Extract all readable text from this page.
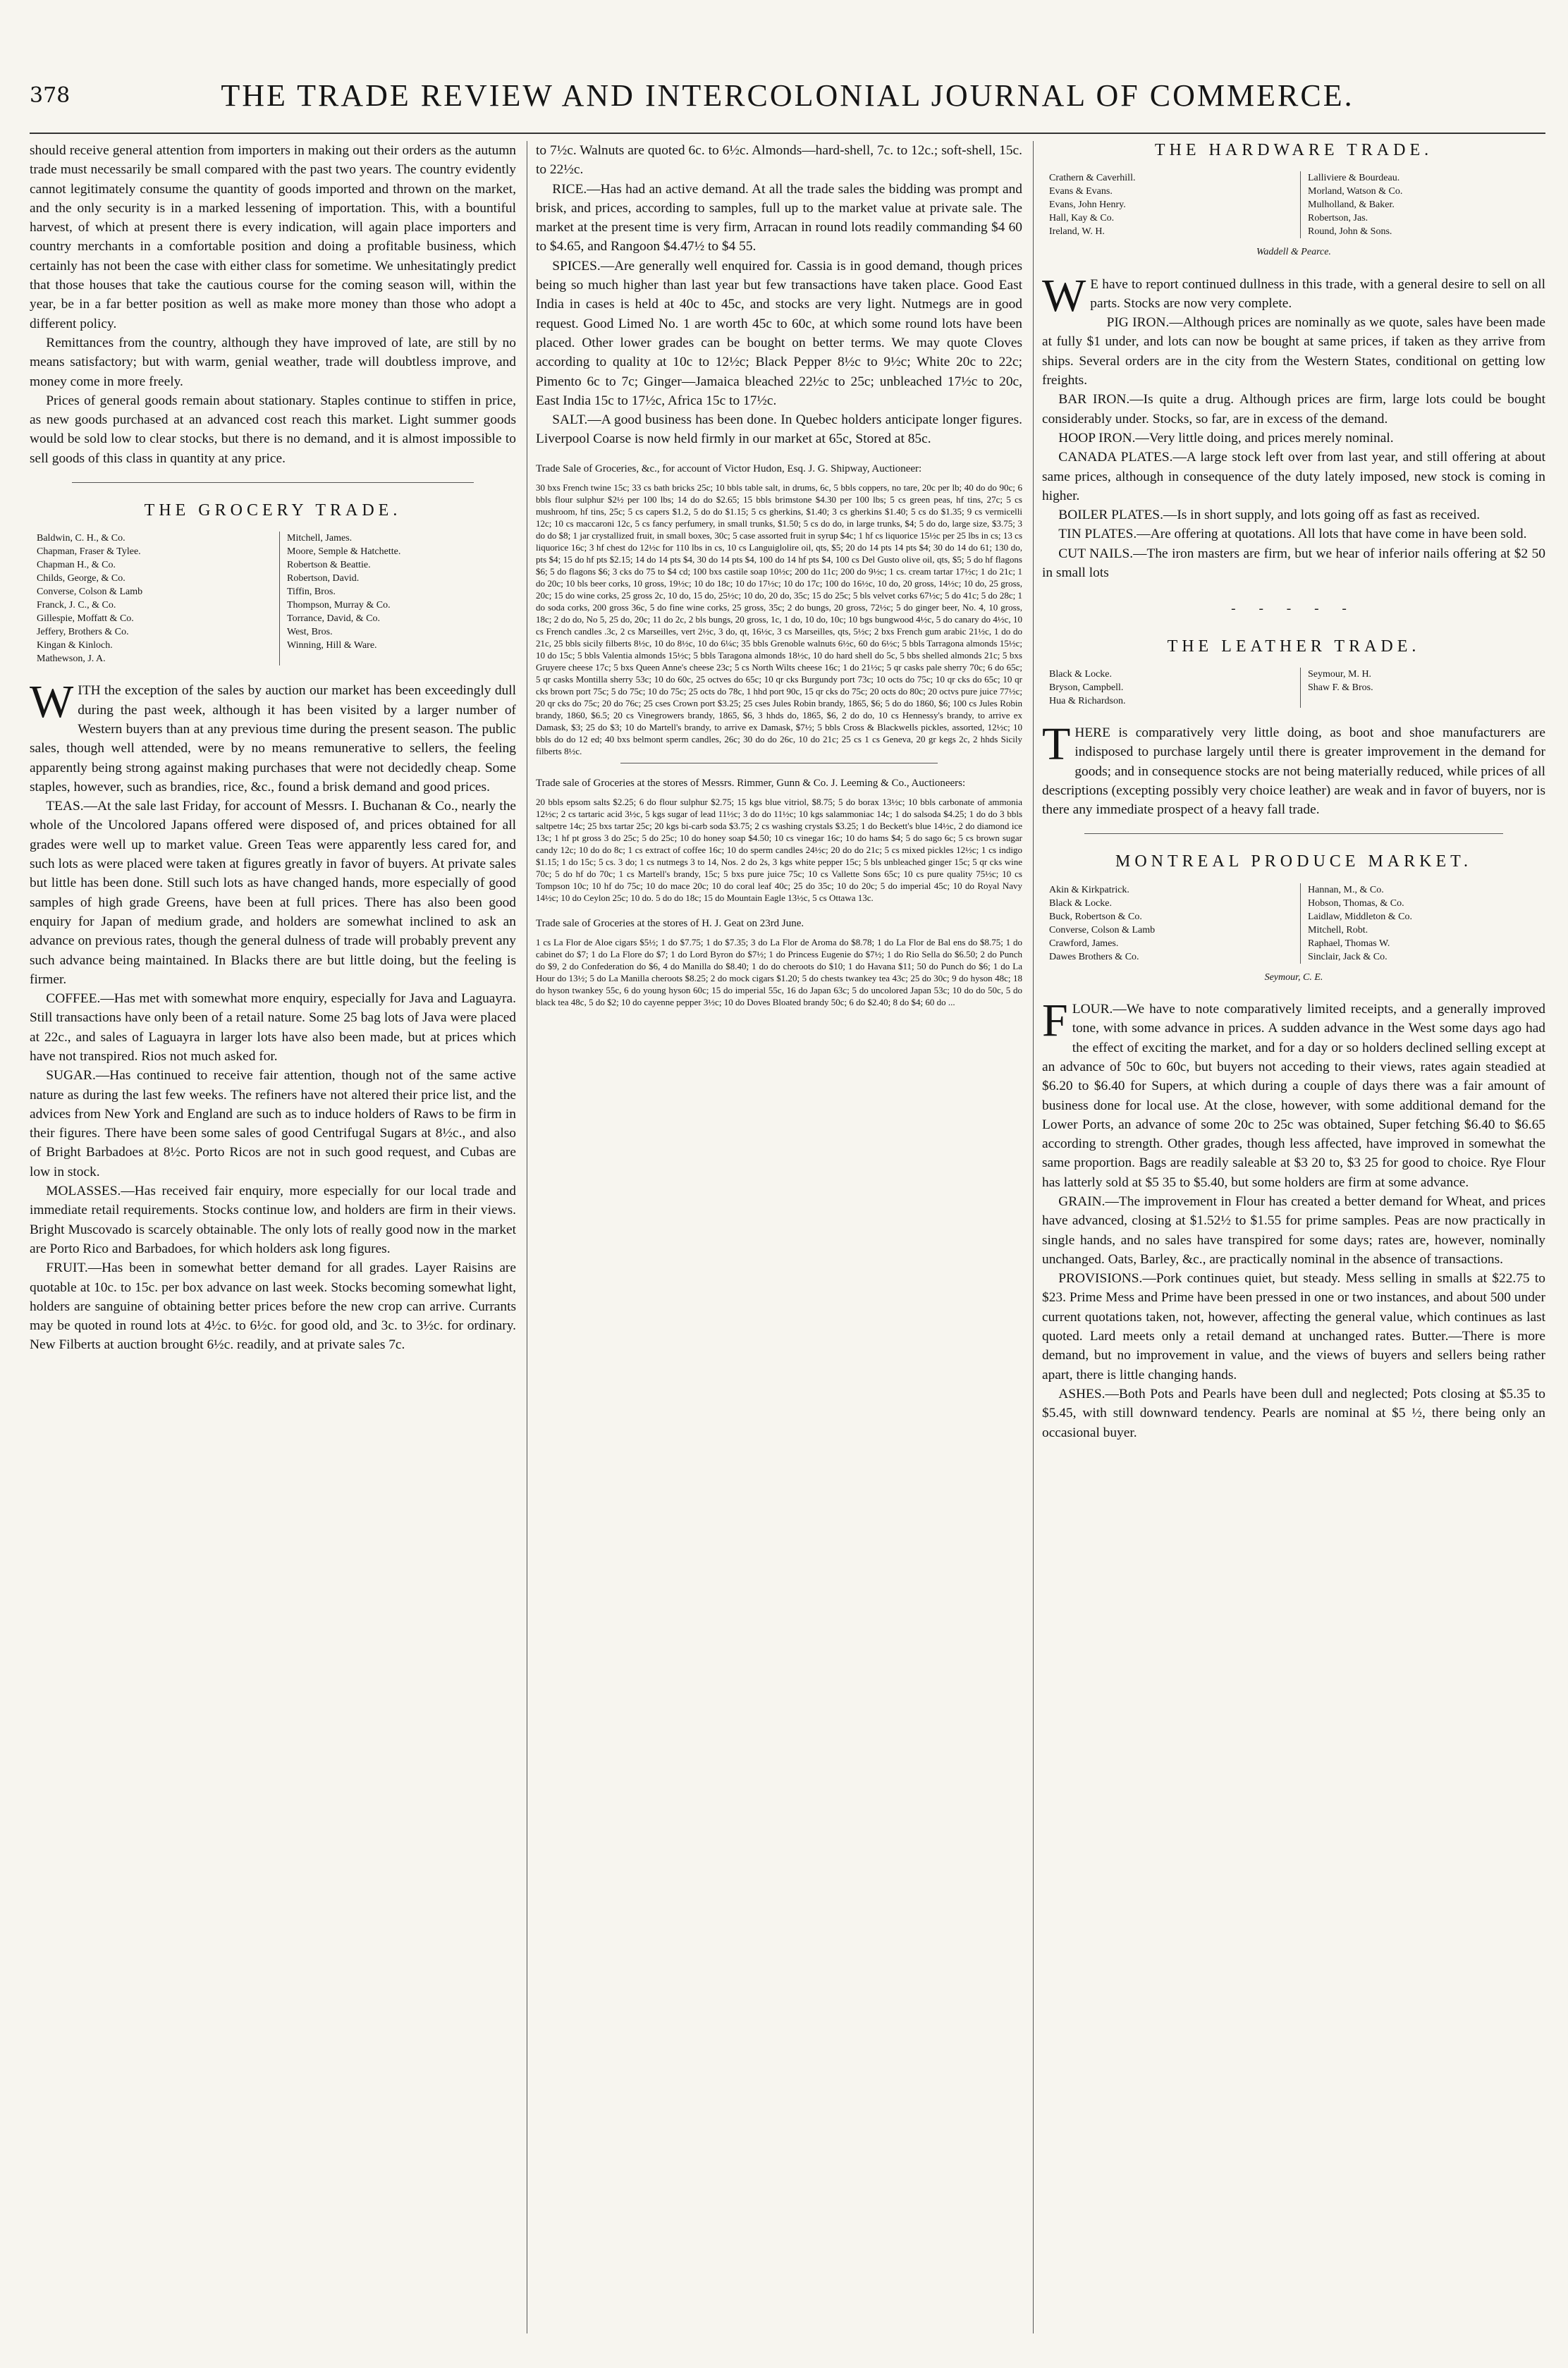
378	THE TRADE REVIEW AND INTERCOLONIAL JOURNAL OF COMMERCE.

should receive general attention from importers in making out their orders as the autumn trade must necessarily be small compared with the past two years. The country evidently cannot legitimately consume the quantity of goods imported and thrown on the market, and the only security is in a marked lessening of importation. This, with a bountiful harvest, of which at present there is every indication, will again place importers and country merchants in a comfortable position and doing a profitable business, which certainly has not been the case with either class for sometime. We unhesitatingly predict that those houses that take the cautious course for the coming season will, within the year, be in a far better position as well as make more money than those who adopt a different policy.

Remittances from the country, although they have improved of late, are still by no means satisfactory; but with warm, genial weather, trade will doubtless improve, and money come in more freely.

Prices of general goods remain about stationary. Staples continue to stiffen in price, as new goods purchased at an advanced cost reach this market. Light summer goods would be sold low to clear stocks, but there is no demand, and it is almost impossible to sell goods of this class in quantity at any price.

THE GROCERY TRADE.
Baldwin, C. H., & Co.
Chapman, Fraser & Tylee.
Chapman H., & Co.
Childs, George, & Co.
Converse, Colson & Lamb
Franck, J. C., & Co.
Gillespie, Moffatt & Co.
Jeffery, Brothers & Co.
Kingan & Kinloch.
Mathewson, J. A.
Mitchell, James.
Moore, Semple & Hatchette.
Robertson & Beattie.
Robertson, David.
Tiffin, Bros.
Thompson, Murray & Co.
Torrance, David, & Co.
West, Bros.
Winning, Hill & Ware.

WITH the exception of the sales by auction our market has been exceedingly dull during the past week, although it has been visited by a larger number of Western buyers than at any previous time during the present season. The public sales, though well attended, were by no means remunerative to sellers, the feeling apparently being strong against making purchases that were not decidedly cheap. Some staples, however, such as brandies, rice, &c., found a brisk demand and good prices.

TEAS.—At the sale last Friday, for account of Messrs. I. Buchanan & Co., nearly the whole of the Uncolored Japans offered were disposed of, and prices obtained for all grades were well up to market value. Green Teas were apparently less cared for, and such lots as were placed were taken at figures greatly in favor of buyers. At private sales but little has been done. Still such lots as have changed hands, more especially of good samples of high grade Greens, have been at full prices. There has also been good enquiry for Japan of medium grade, and holders are somewhat inclined to ask an advance on previous rates, though the general dulness of trade will probably prevent any such advance being maintained. In Blacks there are but little doing, but the feeling is firmer.

COFFEE.—Has met with somewhat more enquiry, especially for Java and Laguayra. Still transactions have only been of a retail nature. Some 25 bag lots of Java were placed at 22c., and sales of Laguayra in larger lots have also been made, but at prices which have not transpired. Rios not much asked for.

SUGAR.—Has continued to receive fair attention, though not of the same active nature as during the last few weeks. The refiners have not altered their price list, and the advices from New York and England are such as to induce holders of Raws to be firm in their figures. There have been some sales of good Centrifugal Sugars at 8½c., and also of Bright Barbadoes at 8½c. Porto Ricos are not in such good request, and Cubas are low in stock.

MOLASSES.—Has received fair enquiry, more especially for our local trade and immediate retail requirements. Stocks continue low, and holders are firm in their views. Bright Muscovado is scarcely obtainable. The only lots of really good now in the market are Porto Rico and Barbadoes, for which holders ask long figures.

FRUIT.—Has been in somewhat better demand for all grades. Layer Raisins are quotable at 10c. to 15c. per box advance on last week. Stocks becoming somewhat light, holders are sanguine of obtaining better prices before the new crop can arrive. Currants may be quoted in round lots at 4½c. to 6½c. for good old, and 3c. to 3½c. for ordinary. New Filberts at auction brought 6½c. readily, and at private sales 7c.

to 7½c. Walnuts are quoted 6c. to 6½c. Almonds—hard-shell, 7c. to 12c.; soft-shell, 15c. to 22½c.

RICE.—Has had an active demand. At all the trade sales the bidding was prompt and brisk, and prices, according to samples, full up to the market value at private sale. The market at the present time is very firm, Arracan in round lots readily commanding $4 60 to $4.65, and Rangoon $4.47½ to $4 55.

SPICES.—Are generally well enquired for. Cassia is in good demand, though prices being so much higher than last year but few transactions have taken place. Good East India in cases is held at 40c to 45c, and stocks are very light. Nutmegs are in good request. Good Limed No. 1 are worth 45c to 60c, at which some round lots have been placed. Other lower grades can be bought on better terms. We may quote Cloves according to quality at 10c to 12½c; Black Pepper 8½c to 9½c; White 20c to 22c; Pimento 6c to 7c; Ginger—Jamaica bleached 22½c to 25c; unbleached 17½c to 20c, East India 15c to 17½c, Africa 15c to 17½c.

SALT.—A good business has been done. In Quebec holders anticipate longer figures. Liverpool Coarse is now held firmly in our market at 65c, Stored at 85c.

Trade Sale of Groceries, &c., for account of Victor Hudon, Esq. J. G. Shipway, Auctioneer:
30 bxs French twine 15c; 33 cs bath bricks 25c; 10 bbls table salt, in drums, 6c, 5 bbls coppers, no tare, 20c per lb; 40 do do 90c; 6 bbls flour sulphur $2½ per 100 lbs; 14 do do $2.65; 15 bbls brimstone $4.30 per 100 lbs; 5 cs green peas, hf tins, 27c; 5 cs mushroom, hf tins, 25c; 5 cs capers $1.2, 5 do do $1.15; 5 cs gherkins, $1.40; 3 cs gherkins $1.40; 5 cs do $1.35; 9 cs vermicelli 12c; 10 cs maccaroni 12c, 5 cs fancy perfumery, in small trunks, $1.50; 5 cs do do, in large trunks, $4; 5 do do, large size, $3.75; 3 do do $8; 1 jar crystallized fruit, in small boxes, 30c; 5 case assorted fruit in syrup $4c; 1 hf cs liquorice 15½c per 25 lbs in cs; 13 cs liquorice 16c; 3 hf chest do 12½c for 110 lbs in cs, 10 cs Languiglolire oil, qts, $5; 20 do 14 pts 14 pts $4; 30 do 14 do 61; 130 do, pts $4; 15 do hf pts $2.15; 14 do 14 pts $4, 30 do 14 pts $4, 100 do 14 hf pts $4, 100 cs Del Gusto olive oil, qts, $5; 5 do hf flagons $6; 5 do flagons $6; 3 cks do 75 to $4 cd; 100 bxs castile soap 10½c; 200 do 11c; 200 do 9½c; 1 cs. cream tartar 17½c; 1 do 21c; 1 do 20c; 10 bls beer corks, 10 gross, 19½c; 10 do 18c; 10 do 17½c; 10 do 17c; 100 do 16½c, 10 do, 20 gross, 14½c; 10 do, 25 gross, 20c; 15 do wine corks, 25 gross 2c, 10 do, 15 do, 25½c; 10 do, 20 do, 35c; 15 do 25c; 5 bls velvet corks 67½c; 5 do 41c; 5 do 28c; 1 do soda corks, 200 gross 36c, 5 do fine wine corks, 25 gross, 35c; 2 do bungs, 20 gross, 72½c; 5 do ginger beer, No. 4, 10 gross, 18c; 2 do do, No 5, 25 do, 20c; 11 do 2c, 2 bls bungs, 20 gross, 1c, 1 do, 10 do, 10c; 10 bgs bungwood 4½c, 5 do canary do 4½c, 10 cs French candles .3c, 2 cs Marseilles, vert 2½c, 3 do, qt, 16½c, 3 cs Marseilles, qts, 5½c; 2 bxs French gum arabic 21½c, 1 do do 21c, 25 bbls sicily filberts 8½c, 10 do 8½c, 10 do 6¼c; 35 bbls Grenoble walnuts 6½c, 60 do 6½c; 5 bbls Tarragona almonds 15½c; 10 do 15c; 5 bbls Valentia almonds 15½c; 5 bbls Taragona almonds 18½c, 10 do hard shell do 5c, 5 bbs shelled almonds 21c; 5 bxs Gruyere cheese 17c; 5 bxs Queen Anne's cheese 23c; 5 cs North Wilts cheese 16c; 1 do 21½c; 5 qr casks pale sherry 70c; 6 do 65c; 5 qr casks Montilla sherry 53c; 10 do 60c, 25 octves do 65c; 10 qr cks Burgundy port 73c; 10 octs do 75c; 10 qr cks do 65c; 10 qr cks brown port 75c; 5 do 75c; 10 do 75c; 25 octs do 78c, 1 hhd port 90c, 15 qr cks do 75c; 20 octs do 80c; 20 octvs pure juice 77½c; 20 qr cks do 75c; 20 do 76c; 25 cses Crown port $3.25; 25 cses Jules Robin brandy, 1865, $6; 5 do do 1860, $6; 100 cs Jules Robin brandy, 1860, $6.5; 20 cs Vinegrowers brandy, 1865, $6, 3 hhds do, 1865, $6, 2 do do, 10 cs Hennessy's brandy, to arrive ex Damask, $3; 25 do $3; 10 do Martell's brandy, to arrive ex Damask, $7½; 5 bbls Cross & Blackwells pickles, assorted, 12½c; 10 bbls do do 12 ed; 40 bxs belmont sperm candles, 26c; 30 do do 26c, 10 do 21c; 25 cs 1 cs Geneva, 20 gr kegs 2c, 2 hhds Sicily filberts 8½c.
Trade sale of Groceries at the stores of Messrs. Rimmer, Gunn & Co. J. Leeming & Co., Auctioneers:
20 bbls epsom salts $2.25; 6 do flour sulphur $2.75; 15 kgs blue vitriol, $8.75; 5 do borax 13½c; 10 bbls carbonate of ammonia 12½c; 2 cs tartaric acid 3½c, 5 kgs sugar of lead 11½c; 3 do do 11½c; 10 kgs salammoniac 14c; 1 do salsoda $4.25; 1 do do 3 bbls saltpetre 14c; 25 bxs tartar 25c; 20 kgs bi-carb soda $3.75; 2 cs washing crystals $3.25; 1 do Beckett's blue 14½c, 2 do diamond ice 13c; 1 hf pt gross 3 do 25c; 5 do 25c; 10 do honey soap $4.50; 10 cs vinegar 16c; 10 do hams $4; 5 do sago 6c; 5 cs brown sugar candy 12c; 10 do do 8c; 1 cs extract of coffee 16c; 10 do sperm candles 24½c; 20 do do 21c; 5 cs mixed pickles 12½c; 1 cs indigo $1.15; 1 do 15c; 5 cs. 3 do; 1 cs nutmegs 3 to 14, Nos. 2 do 2s, 3 kgs white pepper 15c; 5 bls unbleached ginger 15c; 5 qr cks wine 70c; 5 do hf do 70c; 1 cs Martell's brandy, 15c; 5 bxs pure juice 75c; 10 cs Vallette Sons 65c; 10 cs pure quality 75½c; 10 cs Tompson 10c; 10 hf do 75c; 10 do mace 20c; 10 do coral leaf 40c; 25 do 35c; 10 do 20c; 5 do imperial 45c; 10 do Royal Navy 14½c; 10 do Ceylon 25c; 10 do. 5 do do 18c; 15 do Mountain Eagle 13½c, 5 cs Ottawa 13c.
Trade sale of Groceries at the stores of H. J. Geat on 23rd June.
1 cs La Flor de Aloe cigars $5½; 1 do $7.75; 1 do $7.35; 3 do La Flor de Aroma do $8.78; 1 do La Flor de Bal ens do $8.75; 1 do cabinet do $7; 1 do La Flore do $7; 1 do Lord Byron do $7½; 1 do Princess Eugenie do $7½; 1 do Rio Sella do $6.50; 2 do Punch do $9, 2 do Confederation do $6, 4 do Manilla do $8.40; 1 do do cheroots do $10; 1 do Havana $11; 50 do Punch do $6; 1 do La Hour do 13½; 5 do La Manilla cheroots $8.25; 2 do mock cigars $1.20; 5 do chests twankey tea 43c; 25 do 30c; 9 do hyson 48c; 18 do hyson twankey 55c, 6 do young hyson 60c; 15 do imperial 55c, 16 do Japan 63c; 5 do uncolored Japan 53c; 10 do do 50c, 5 do black tea 48c, 5 do $2; 10 do cayenne pepper 3½c; 10 do Doves Bloated brandy 50c; 6 do $2.40; 8 do $4; 60 do ...
THE HARDWARE TRADE.
Crathern & Caverhill.
Evans & Evans.
Evans, John Henry.
Hall, Kay & Co.
Ireland, W. H.
Lalliviere & Bourdeau.
Morland, Watson & Co.
Mulholland, & Baker.
Robertson, Jas.
Round, John & Sons.
Waddell & Pearce.

W E have to report continued dullness in this trade, with a general desire to sell on all parts. Stocks are now very complete.

PIG IRON.—Although prices are nominally as we quote, sales have been made at fully $1 under, and lots can now be bought at same prices, if taken as they arrive from ships. Several orders are in the city from the Western States, conditional on getting low freights.

BAR IRON.—Is quite a drug. Although prices are firm, large lots could be bought considerably under. Stocks, so far, are in excess of the demand.

HOOP IRON.—Very little doing, and prices merely nominal.

CANADA PLATES.—A large stock left over from last year, and still offering at about same prices, although in consequence of the duty lately imposed, new stock is coming in higher.

BOILER PLATES.—Is in short supply, and lots going off as fast as received.

TIN PLATES.—Are offering at quotations. All lots that have come in have been sold.

CUT NAILS.—The iron masters are firm, but we hear of inferior nails offering at $2 50 in small lots

- - - - -
THE LEATHER TRADE.
Black & Locke.
Bryson, Campbell.
Hua & Richardson.
Seymour, M. H.
Shaw F. & Bros.

THERE is comparatively very little doing, as boot and shoe manufacturers are indisposed to purchase largely until there is greater improvement in the demand for goods; and in consequence stocks are not being materially reduced, while prices of all descriptions (excepting possibly very choice leather) are weak and in favor of buyers, nor is there any immediate prospect of a heavy fall trade.

MONTREAL PRODUCE MARKET.
Akin & Kirkpatrick.
Black & Locke.
Buck, Robertson & Co.
Converse, Colson & Lamb
Crawford, James.
Dawes Brothers & Co.
Hannan, M., & Co.
Hobson, Thomas, & Co.
Laidlaw, Middleton & Co.
Mitchell, Robt.
Raphael, Thomas W.
Sinclair, Jack & Co.
Seymour, C. E.

FLOUR.—We have to note comparatively limited receipts, and a generally improved tone, with some advance in prices. A sudden advance in the West some days ago had the effect of exciting the market, and for a day or so holders declined selling except at an advance of 50c to 60c, but buyers not acceding to their views, rates again steadied at $6.20 to $6.40 for Supers, at which during a couple of days there was a fair amount of business done for local use. At the close, however, with some additional demand for the Lower Ports, an advance of some 20c to 25c was obtained, Super fetching $6.40 to $6.65 according to strength. Other grades, though less affected, have improved in somewhat the same proportion. Bags are readily saleable at $3 20 to, $3 25 for good to choice. Rye Flour has latterly sold at $5 35 to $5.40, but some holders are firm at some advance.

GRAIN.—The improvement in Flour has created a better demand for Wheat, and prices have advanced, closing at $1.52½ to $1.55 for prime samples. Peas are now practically in single hands, and no sales have transpired for some days; rates are, however, nominally unchanged. Oats, Barley, &c., are practically nominal in the absence of transactions.

PROVISIONS.—Pork continues quiet, but steady. Mess selling in smalls at $22.75 to $23. Prime Mess and Prime have been pressed in one or two instances, and about 500 under current quotations taken, not, however, affecting the general value, which continues as last quoted. Lard meets only a retail demand at unchanged rates. Butter.—There is more demand, but no improvement in value, and the views of buyers and sellers being rather apart, there is little changing hands.

ASHES.—Both Pots and Pearls have been dull and neglected; Pots closing at $5.35 to $5.45, with still downward tendency. Pearls are nominal at $5 ½, there being only an occasional buyer.
